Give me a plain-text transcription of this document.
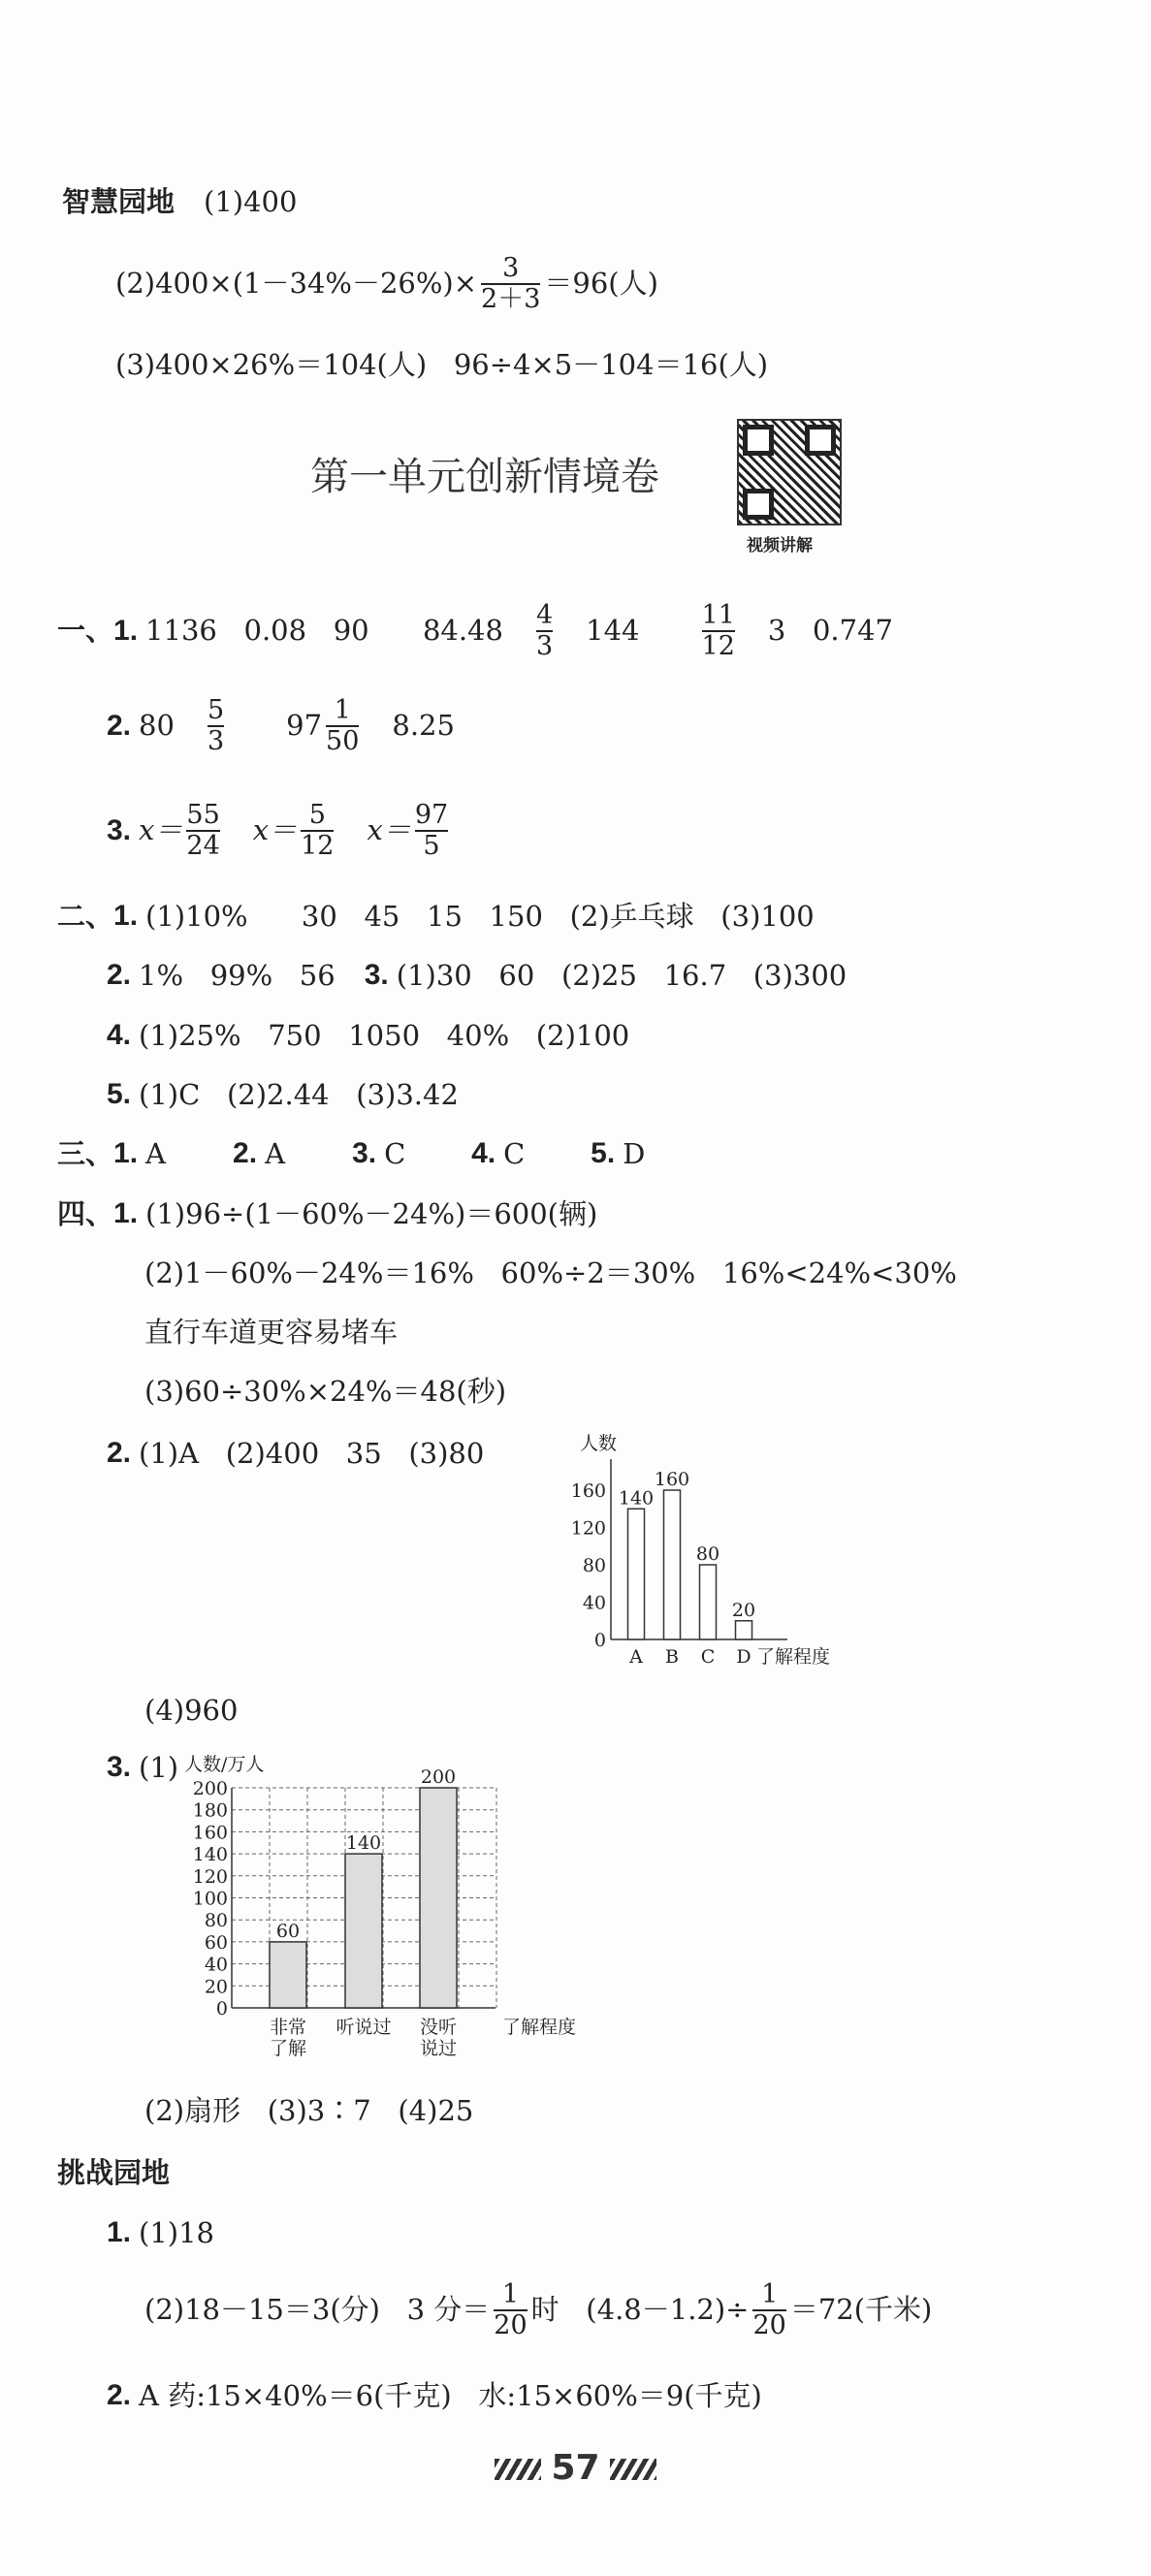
智慧园地 (1)400
(2)400×(1－34%－26%)× 3
2＋3 ＝96(人)
(3)400×26%＝104(人)   96÷4×5－104＝16(人)
第一单元创新情境卷
视频讲解
一、 1. 1136   0.08   90      84.48 4
3 144 11
12 3   0.747
2. 80 5
3 97 1
50 8.25
3. x＝ 55
24 x＝ 5
12 x＝ 97
5
二、 1. (1)10%      30   45   15   150   (2)乒乓球   (3)100
2. 1%   99%   56 3. (1)30   60   (2)25   16.7   (3)300
4. (1)25%   750   1050   40%   (2)100
5. (1)C   (2)2.44   (3)3.42
三、 1. A	2. A	3. C	4. C	5. D
四、 1. (1)96÷(1－60%－24%)＝600(辆)
(2)1－60%－24%＝16%   60%÷2＝30%   16%<24%<30%
直行车道更容易堵车
(3)60÷30%×24%＝48(秒)
2. (1)A   (2)400   35   (3)80	人数
0
40
80
120
160 140
A
160
B
80
C
20
D 了解程度
(4)960
3. (1)
0
20
40
60
80
100
120
140
160
180
200
人数/万人
60
非常
了解
140
听说过
200
没听
说过
了解程度
(2)扇形   (3)3∶7   (4)25
挑战园地
1. (1)18
(2)18－15＝3(分)   3 分＝ 1
20 时   (4.8－1.2)÷ 1
20 ＝72(千米)
2. A 药:15×40%＝6(千克)   水:15×60%＝9(千克)
57
